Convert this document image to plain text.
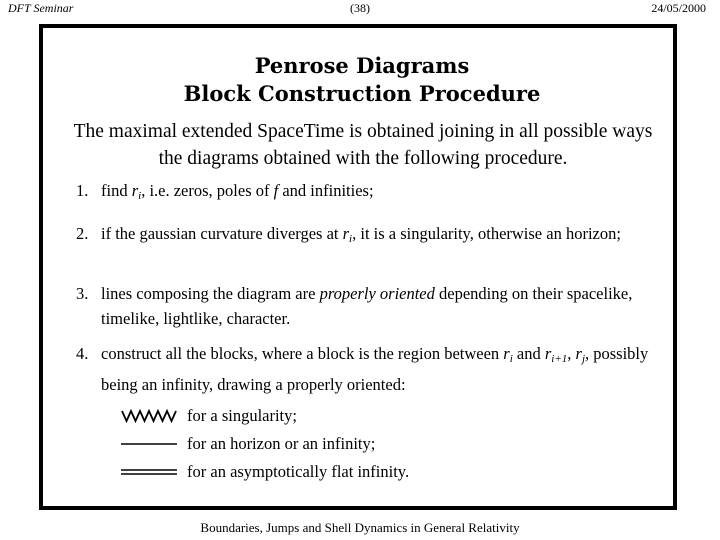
DFT Seminar	(38)	24/05/2000
Penrose Diagrams
Block Construction Procedure
The maximal extended SpaceTime is obtained joining in all possible ways the diagrams obtained with the following procedure.
1. find $r_i$, i.e. zeros, poles of f and infinities;
2. if the gaussian curvature diverges at $r_i$, it is a singularity, otherwise an horizon;
3. lines composing the diagram are properly oriented depending on their spacelike, timelike, lightlike, character.
4. construct all the blocks, where a block is the region between $r_i$ and $r_{i+1}$, $r_j$, possibly being an infinity, drawing a properly oriented:
for a singularity;
for an horizon or an infinity;
for an asymptotically flat infinity.
Boundaries, Jumps and Shell Dynamics in General Relativity
